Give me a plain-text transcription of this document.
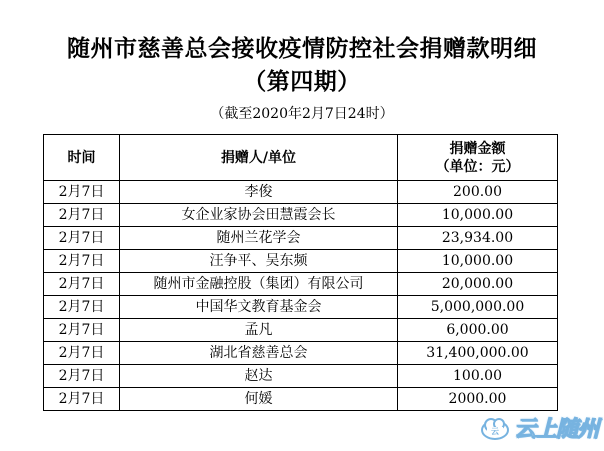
随州市慈善总会接收疫情防控社会捐赠款明细
（第四期）
（截至2020年2月7日24时）
时间	捐赠人/单位	捐赠金额
（单位：元）

2月7日	李俊	200.00
2月7日	女企业家协会田慧霞会长	10,000.00
2月7日	随州兰花学会	23,934.00
2月7日	汪争平、吴东频	10,000.00
2月7日	随州市金融控股（集团）有限公司	20,000.00
2月7日	中国华文教育基金会	5,000,000.00
2月7日	孟凡	6,000.00
2月7日	湖北省慈善总会	31,400,000.00
2月7日	赵达	100.00
2月7日	何媛	2000.00
云 云上随州
